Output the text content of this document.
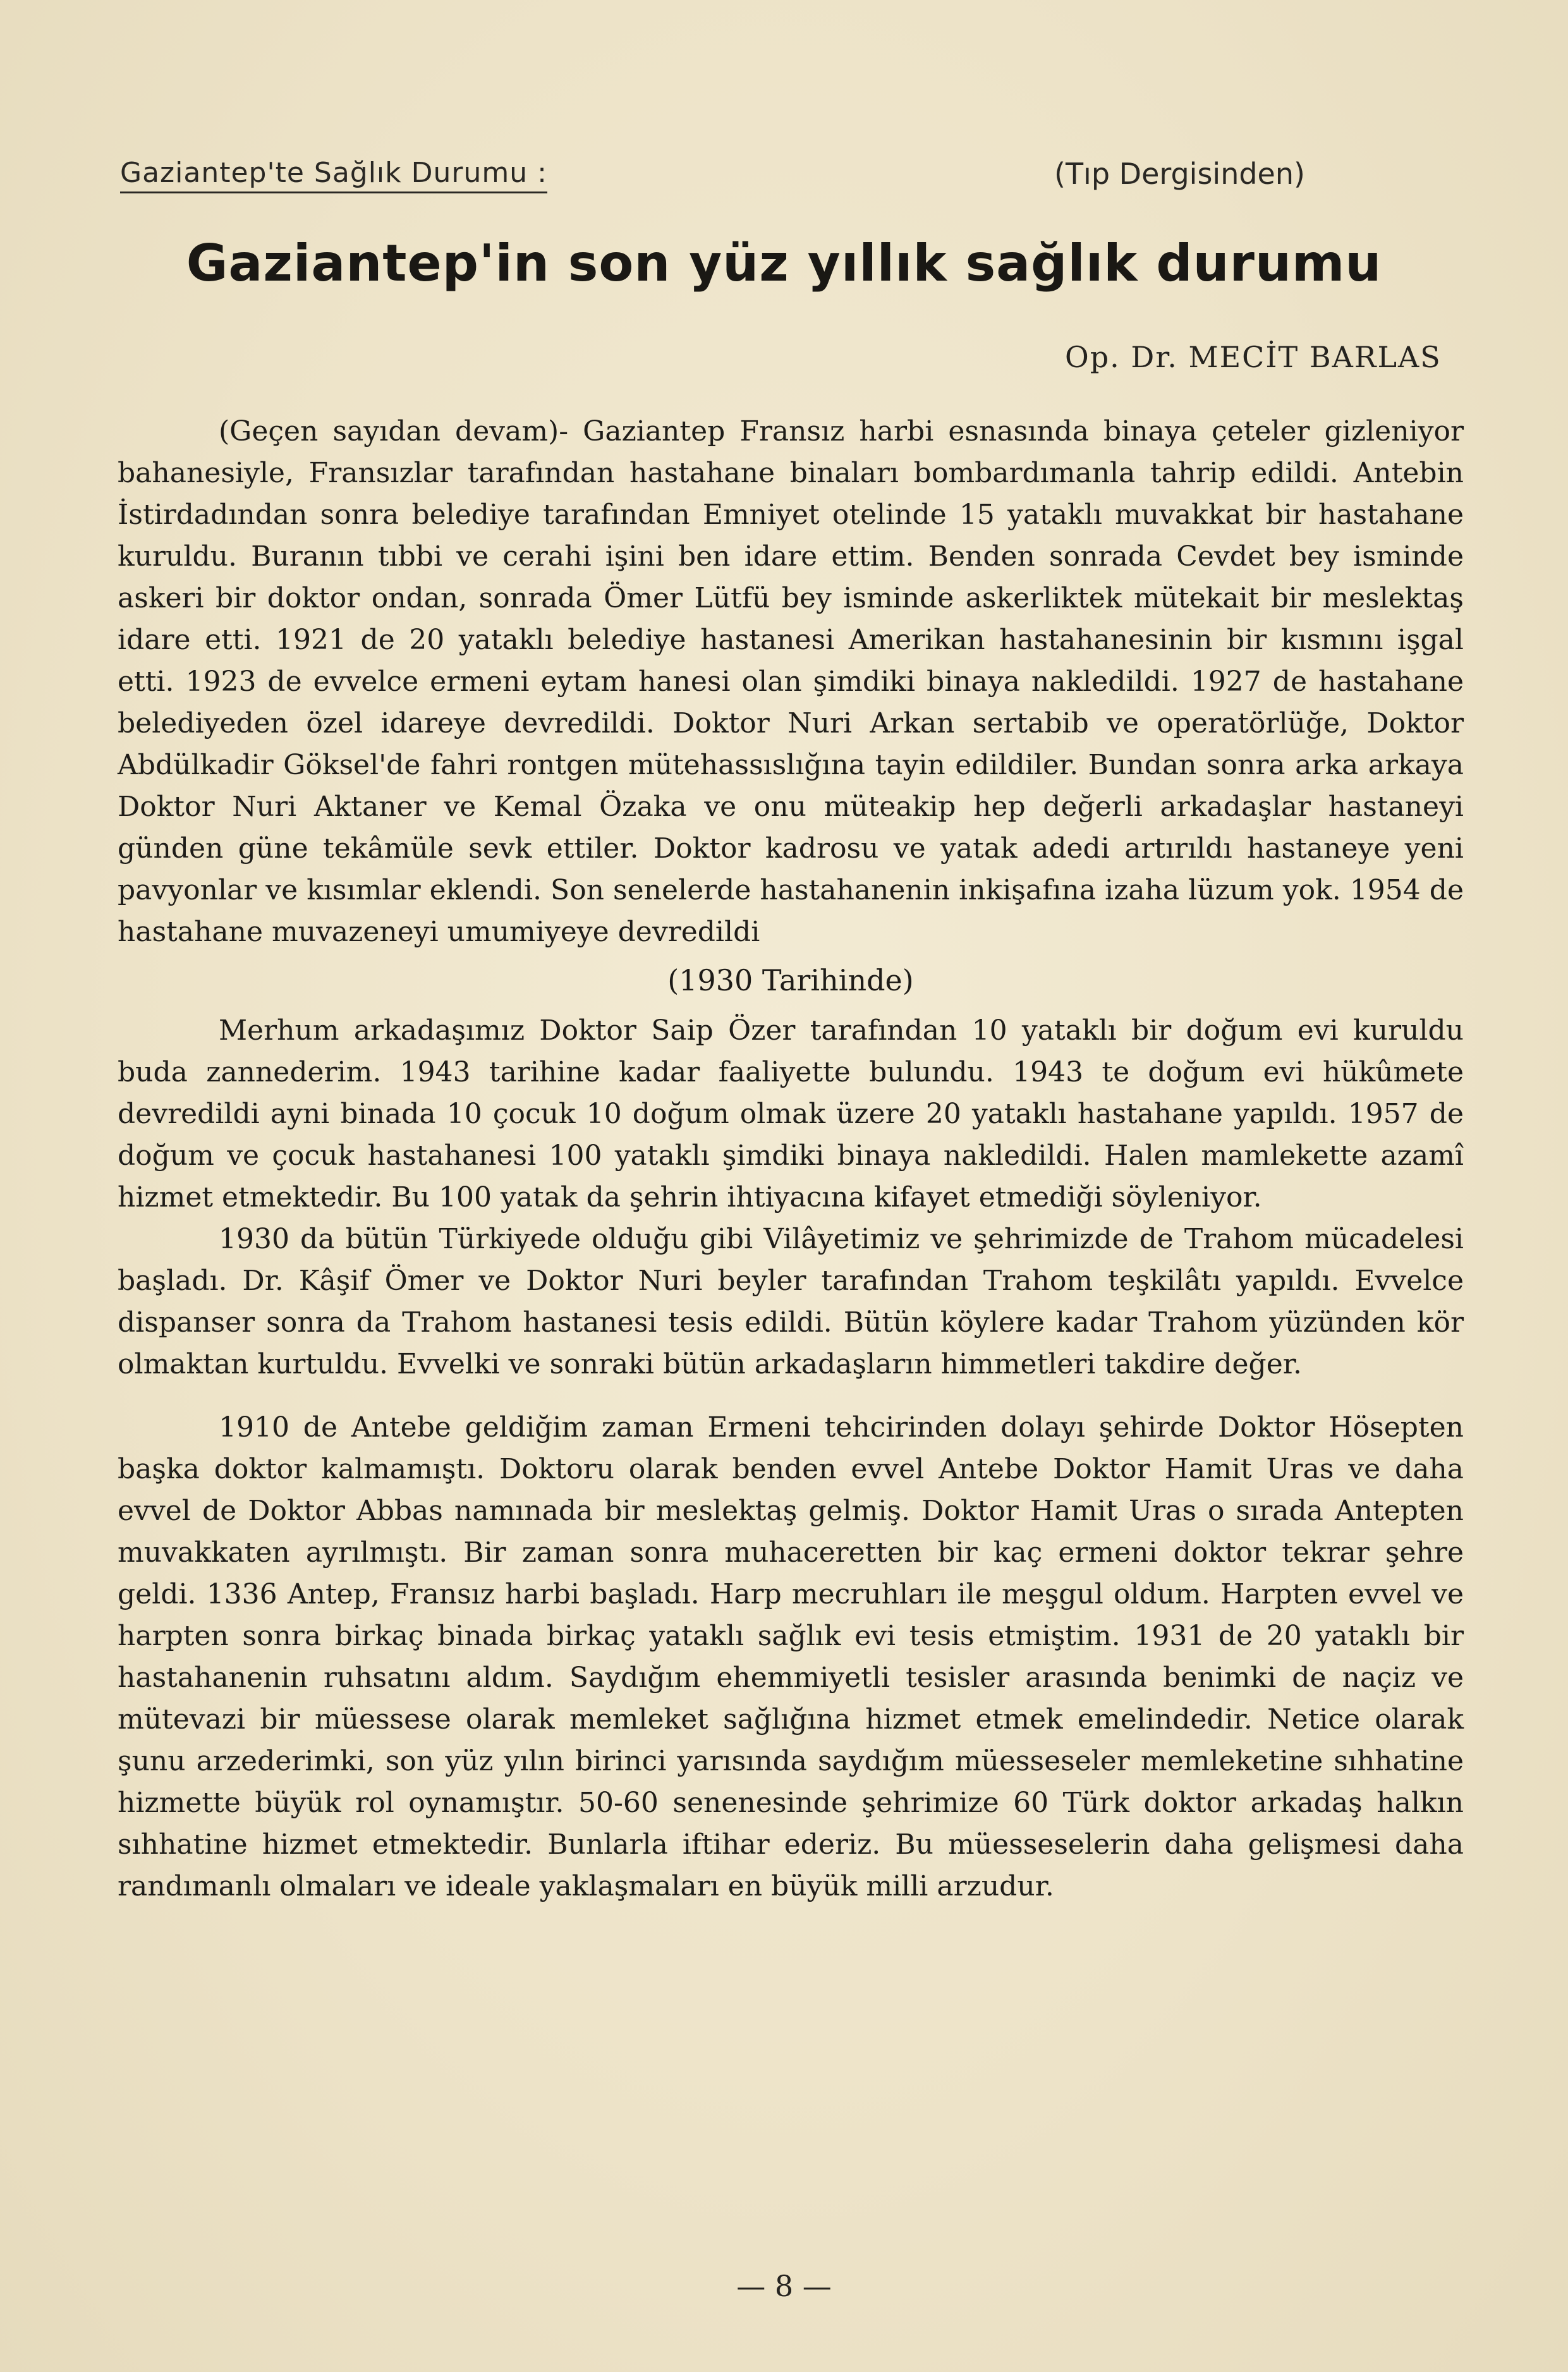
Gaziantep'te Sağlık Durumu :	(Tıp Dergisinden)
Gaziantep'in son yüz yıllık sağlık durumu
Op. Dr. MECİT BARLAS

(Geçen sayıdan devam)- Gaziantep Fransız harbi esnasında binaya çeteler gizleniyor bahanesiyle, Fransızlar tarafından hastahane binaları bombardımanla tahrip edildi. Antebin İstirdadından sonra belediye tarafından Emniyet otelinde 15 yataklı muvakkat bir hastahane kuruldu. Buranın tıbbi ve cerahi işini ben idare ettim. Benden sonrada Cevdet bey isminde askeri bir doktor ondan, sonrada Ömer Lütfü bey isminde askerliktek mütekait bir meslektaş idare etti. 1921 de 20 yataklı belediye hastanesi Amerikan hastahanesinin bir kısmını işgal etti. 1923 de evvelce ermeni eytam hanesi olan şimdiki binaya nakledildi. 1927 de hastahane belediyeden özel idareye devredildi. Doktor Nuri Arkan sertabib ve operatörlüğe, Doktor Abdülkadir Göksel'de fahri rontgen mütehassıslığına tayin edildiler. Bundan sonra arka arkaya Doktor Nuri Aktaner ve Kemal Özaka ve onu müteakip hep değerli arkadaşlar hastaneyi günden güne tekâmüle sevk ettiler. Doktor kadrosu ve yatak adedi artırıldı hastaneye yeni pavyonlar ve kısımlar eklendi. Son senelerde hastahanenin inkişafına izaha lüzum yok. 1954 de hastahane muvazeneyi umumiyeye devredildi

(1930 Tarihinde)

Merhum arkadaşımız Doktor Saip Özer tarafından 10 yataklı bir doğum evi kuruldu buda zannederim. 1943 tarihine kadar faaliyette bulundu. 1943 te doğum evi hükûmete devredildi ayni binada 10 çocuk 10 doğum olmak üzere 20 yataklı hastahane yapıldı. 1957 de doğum ve çocuk hastahanesi 100 yataklı şimdiki binaya nakledildi. Halen mamlekette azamî hizmet etmektedir. Bu 100 yatak da şehrin ihtiyacına kifayet etmediği söyleniyor.

1930 da bütün Türkiyede olduğu gibi Vilâyetimiz ve şehrimizde de Trahom mücadelesi başladı. Dr. Kâşif Ömer ve Doktor Nuri beyler tarafından Trahom teşkilâtı yapıldı. Evvelce dispanser sonra da Trahom hastanesi tesis edildi. Bütün köylere kadar Trahom yüzünden kör olmaktan kurtuldu. Evvelki ve sonraki bütün arkadaşların himmetleri takdire değer.

1910 de Antebe geldiğim zaman Ermeni tehcirinden dolayı şehirde Doktor Hösepten başka doktor kalmamıştı. Doktoru olarak benden evvel Antebe Doktor Hamit Uras ve daha evvel de Doktor Abbas namınada bir meslektaş gelmiş. Doktor Hamit Uras o sırada Antepten muvakkaten ayrılmıştı. Bir zaman sonra muhaceretten bir kaç ermeni doktor tekrar şehre geldi. 1336 Antep, Fransız harbi başladı. Harp mecruhları ile meşgul oldum. Harpten evvel ve harpten sonra birkaç binada birkaç yataklı sağlık evi tesis etmiştim. 1931 de 20 yataklı bir hastahanenin ruhsatını aldım. Saydığım ehemmiyetli tesisler arasında benimki de naçiz ve mütevazi bir müessese olarak memleket sağlığına hizmet etmek emelindedir. Netice olarak şunu arzederimki, son yüz yılın birinci yarısında saydığım müesseseler memleketine sıhhatine hizmette büyük rol oynamıştır. 50-60 senenesinde şehrimize 60 Türk doktor arkadaş halkın sıhhatine hizmet etmektedir. Bunlarla iftihar ederiz. Bu müesseselerin daha gelişmesi daha randımanlı olmaları ve ideale yaklaşmaları en büyük milli arzudur.

— 8 —
